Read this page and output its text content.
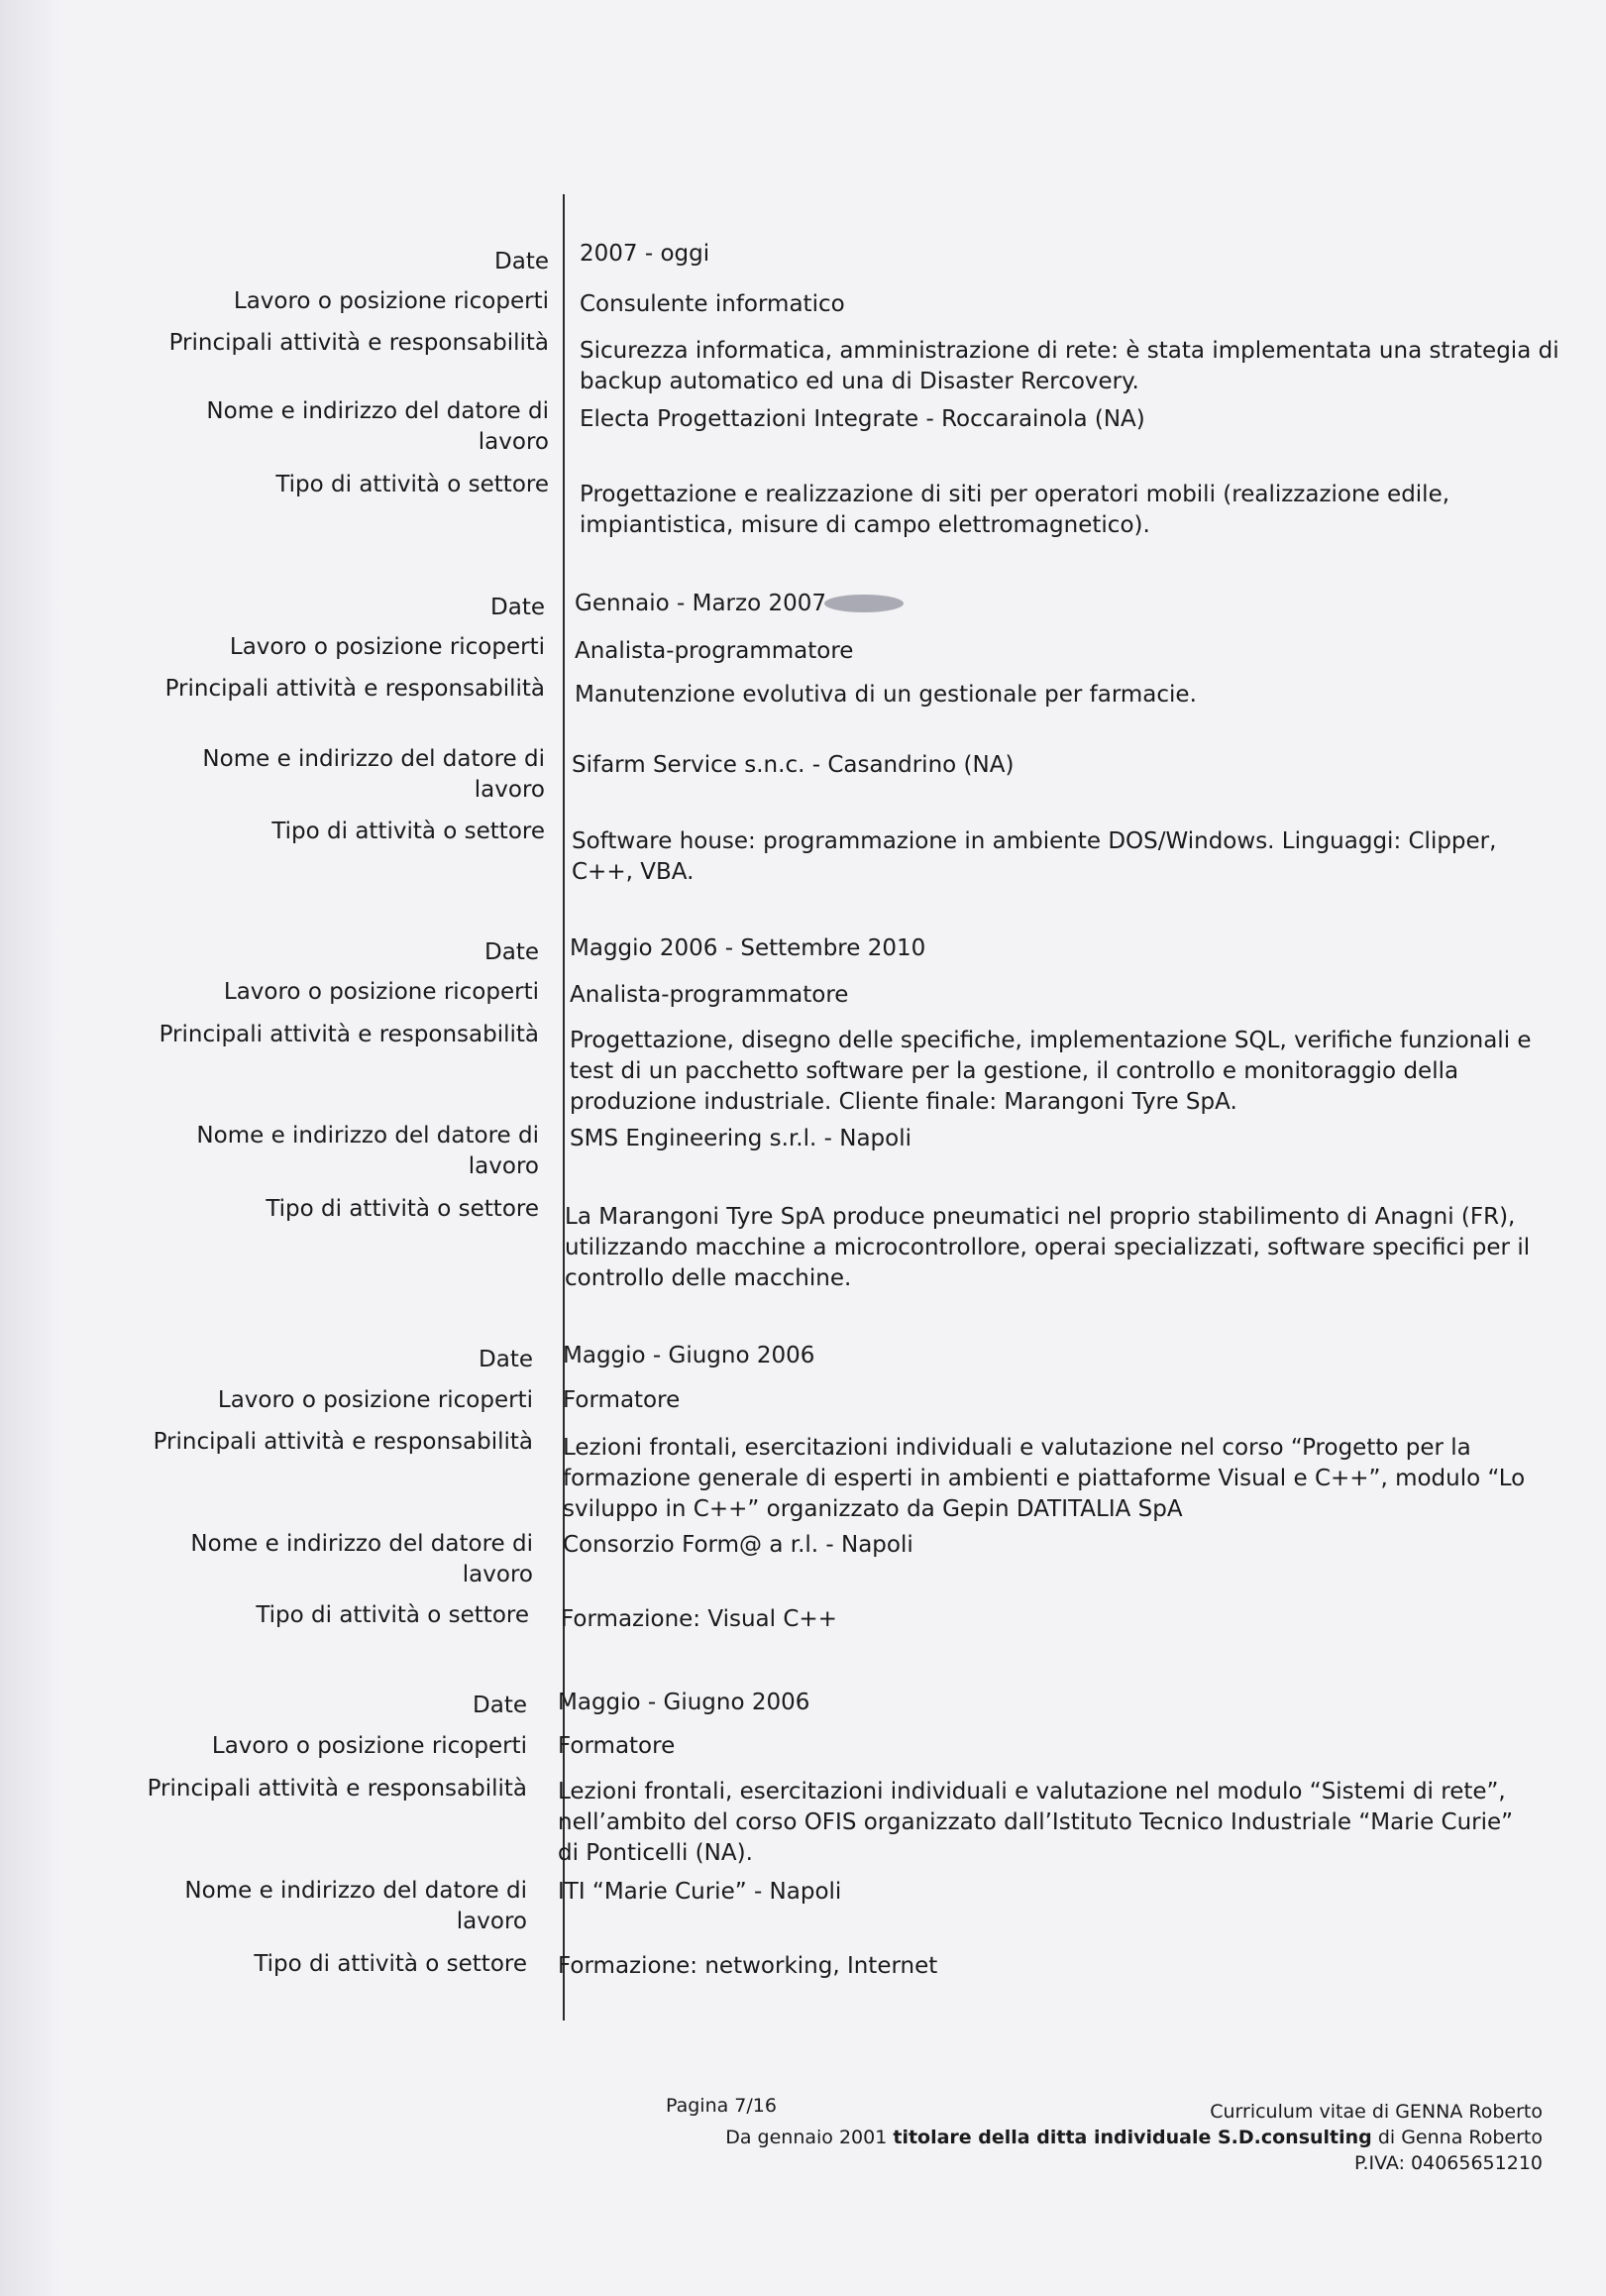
Date 2007 - oggi
Lavoro o posizione ricoperti Consulente informatico
Principali attività e responsabilità Sicurezza informatica, amministrazione di rete: è stata implementata una strategia di backup automatico ed una di Disaster Rercovery.
Nome e indirizzo del datore di lavoro
Electa Progettazioni Integrate - Roccarainola (NA)
Tipo di attività o settore Progettazione e realizzazione di siti per operatori mobili (realizzazione edile, impiantistica, misure di campo elettromagnetico).
Date Gennaio - Marzo 2007
Lavoro o posizione ricoperti Analista-programmatore
Principali attività e responsabilità Manutenzione evolutiva di un gestionale per farmacie.
Nome e indirizzo del datore di lavoro
Sifarm Service s.n.c. - Casandrino (NA)
Tipo di attività o settore Software house: programmazione in ambiente DOS/Windows. Linguaggi: Clipper, C++, VBA.
Date Maggio 2006 - Settembre 2010
Lavoro o posizione ricoperti Analista-programmatore
Principali attività e responsabilità Progettazione, disegno delle specifiche, implementazione SQL, verifiche funzionali e test di un pacchetto software per la gestione, il controllo e monitoraggio della produzione industriale. Cliente finale: Marangoni Tyre SpA.
Nome e indirizzo del datore di lavoro
SMS Engineering s.r.l. - Napoli
Tipo di attività o settore La Marangoni Tyre SpA produce pneumatici nel proprio stabilimento di Anagni (FR), utilizzando macchine a microcontrollore, operai specializzati, software specifici per il controllo delle macchine.
Date Maggio - Giugno 2006
Lavoro o posizione ricoperti Formatore
Principali attività e responsabilità Lezioni frontali, esercitazioni individuali e valutazione nel corso “Progetto per la formazione generale di esperti in ambienti e piattaforme Visual e C++”, modulo “Lo sviluppo in C++” organizzato da Gepin DATITALIA SpA
Nome e indirizzo del datore di lavoro
Consorzio Form@ a r.l. - Napoli
Tipo di attività o settore Formazione: Visual C++
Date Maggio - Giugno 2006
Lavoro o posizione ricoperti Formatore
Principali attività e responsabilità Lezioni frontali, esercitazioni individuali e valutazione nel modulo “Sistemi di rete”, nell’ambito del corso OFIS organizzato dall’Istituto Tecnico Industriale “Marie Curie” di Ponticelli (NA).
Nome e indirizzo del datore di lavoro
ITI “Marie Curie” - Napoli
Tipo di attività o settore Formazione: networking, Internet
Pagina 7/16	Curriculum vitae di GENNA Roberto
Da gennaio 2001 titolare della ditta individuale S.D.consulting di Genna Roberto
P.IVA: 04065651210
